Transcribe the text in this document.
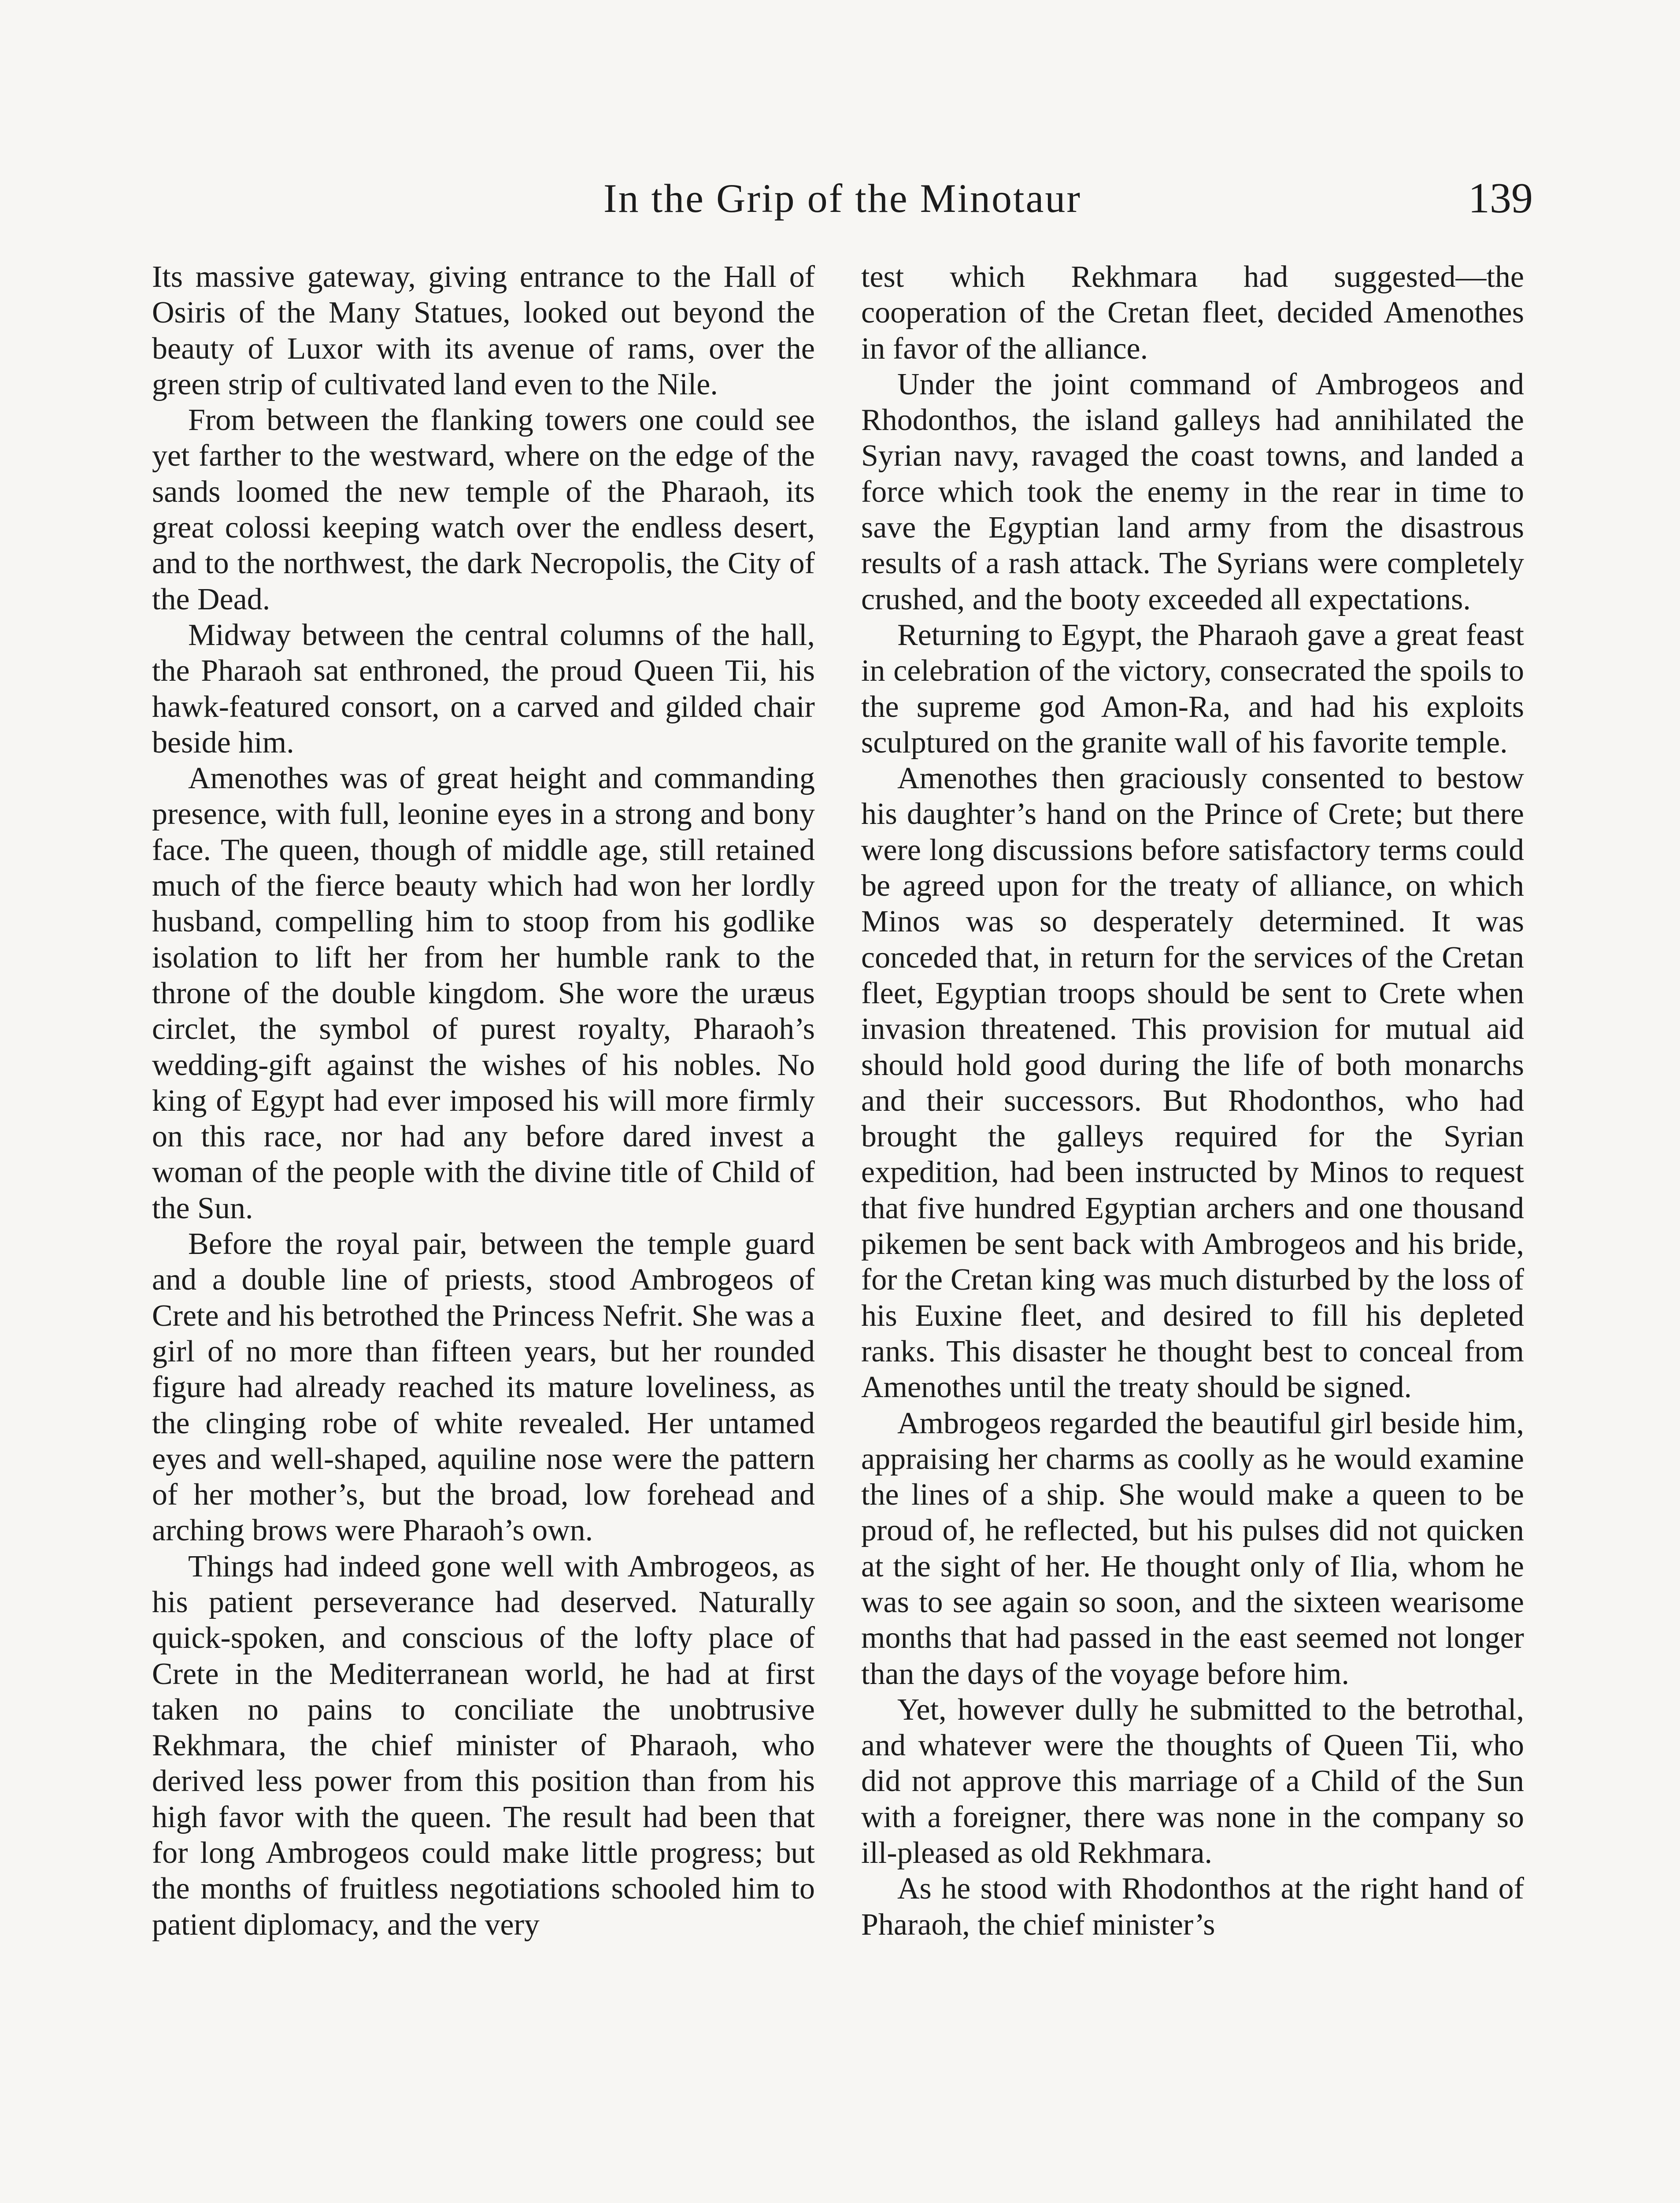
In the Grip of the Minotaur	139

Its massive gateway, giving entrance to the Hall of Osiris of the Many Statues, looked out beyond the beauty of Luxor with its avenue of rams, over the green strip of cultivated land even to the Nile.

From between the flanking towers one could see yet farther to the westward, where on the edge of the sands loomed the new temple of the Pharaoh, its great colossi keeping watch over the endless desert, and to the northwest, the dark Necropolis, the City of the Dead.

Midway between the central columns of the hall, the Pharaoh sat enthroned, the proud Queen Tii, his hawk-featured consort, on a carved and gilded chair beside him.

Amenothes was of great height and commanding presence, with full, leonine eyes in a strong and bony face. The queen, though of middle age, still retained much of the fierce beauty which had won her lordly husband, compelling him to stoop from his godlike isolation to lift her from her humble rank to the throne of the double kingdom. She wore the uræus circlet, the symbol of purest royalty, Pharaoh’s wedding-gift against the wishes of his nobles. No king of Egypt had ever imposed his will more firmly on this race, nor had any before dared invest a woman of the people with the divine title of Child of the Sun.

Before the royal pair, between the temple guard and a double line of priests, stood Ambrogeos of Crete and his betrothed the Princess Nefrit. She was a girl of no more than fifteen years, but her rounded figure had already reached its mature loveliness, as the clinging robe of white revealed. Her untamed eyes and well-shaped, aquiline nose were the pattern of her mother’s, but the broad, low forehead and arching brows were Pharaoh’s own.

Things had indeed gone well with Ambrogeos, as his patient perseverance had deserved. Naturally quick-spoken, and conscious of the lofty place of Crete in the Mediterranean world, he had at first taken no pains to conciliate the unobtrusive Rekhmara, the chief minister of Pharaoh, who derived less power from this position than from his high favor with the queen. The result had been that for long Ambrogeos could make little progress; but the months of fruitless negotiations schooled him to patient diplomacy, and the very

test which Rekhmara had suggested—the cooperation of the Cretan fleet, decided Amenothes in favor of the alliance.

Under the joint command of Ambrogeos and Rhodonthos, the island galleys had annihilated the Syrian navy, ravaged the coast towns, and landed a force which took the enemy in the rear in time to save the Egyptian land army from the disastrous results of a rash attack. The Syrians were completely crushed, and the booty exceeded all expectations.

Returning to Egypt, the Pharaoh gave a great feast in celebration of the victory, consecrated the spoils to the supreme god Amon-Ra, and had his exploits sculptured on the granite wall of his favorite temple.

Amenothes then graciously consented to bestow his daughter’s hand on the Prince of Crete; but there were long discussions before satisfactory terms could be agreed upon for the treaty of alliance, on which Minos was so desperately determined. It was conceded that, in return for the services of the Cretan fleet, Egyptian troops should be sent to Crete when invasion threatened. This provision for mutual aid should hold good during the life of both monarchs and their successors. But Rhodonthos, who had brought the galleys required for the Syrian expedition, had been instructed by Minos to request that five hundred Egyptian archers and one thousand pikemen be sent back with Ambrogeos and his bride, for the Cretan king was much disturbed by the loss of his Euxine fleet, and desired to fill his depleted ranks. This disaster he thought best to conceal from Amenothes until the treaty should be signed.

Ambrogeos regarded the beautiful girl beside him, appraising her charms as coolly as he would examine the lines of a ship. She would make a queen to be proud of, he reflected, but his pulses did not quicken at the sight of her. He thought only of Ilia, whom he was to see again so soon, and the sixteen wearisome months that had passed in the east seemed not longer than the days of the voyage before him.

Yet, however dully he submitted to the betrothal, and whatever were the thoughts of Queen Tii, who did not approve this marriage of a Child of the Sun with a foreigner, there was none in the company so ill-pleased as old Rekhmara.

As he stood with Rhodonthos at the right hand of Pharaoh, the chief minister’s
